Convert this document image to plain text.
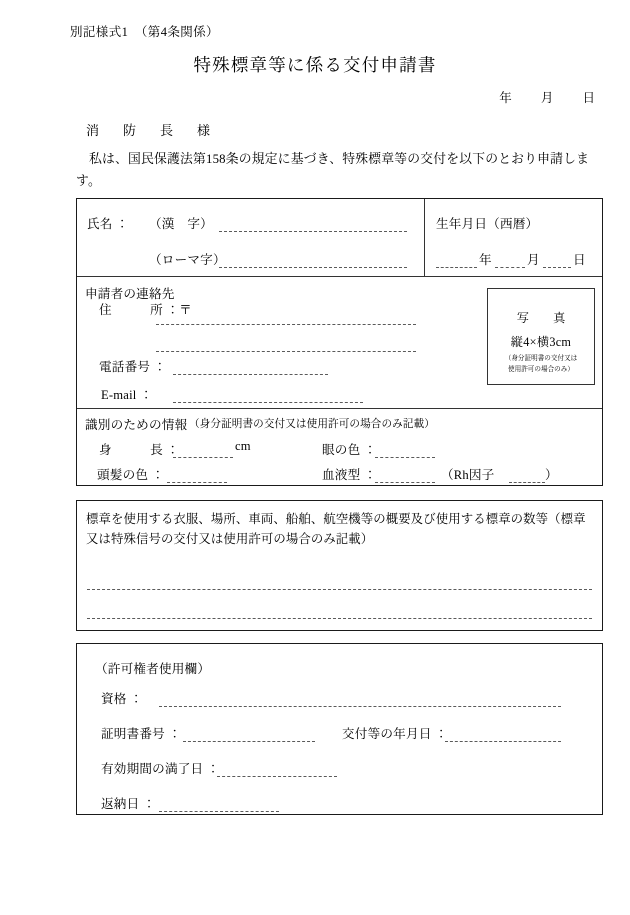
別記様式1　（第4条関係）
特殊標章等に係る交付申請書
年 月 日
消　防　長　様
私は、国民保護法第158条の規定に基づき、特殊標章等の交付を以下のとおり申請します。
氏名 ： （漢　字）
（ローマ字）
生年月日（西暦）
年	月	日
申請者の連絡先
住　　　所 ：〒
電話番号 ：
E‐mail ：
識別のための情報 （身分証明書の交付又は使用許可の場合のみ記載）
身　　　長 ：	cm	眼の色 ：
頭髪の色 ：	血液型 ：	（Rh因子	）
写　真
縦4×横3cm
（身分証明書の交付又は
使用許可の場合のみ）
標章を使用する衣服、場所、車両、船舶、航空機等の概要及び使用する標章の数等（標章又は特殊信号の交付又は使用許可の場合のみ記載）
（許可権者使用欄）
資格 ：
証明書番号 ：	交付等の年月日 ：
有効期間の満了日 ：
返納日 ：
